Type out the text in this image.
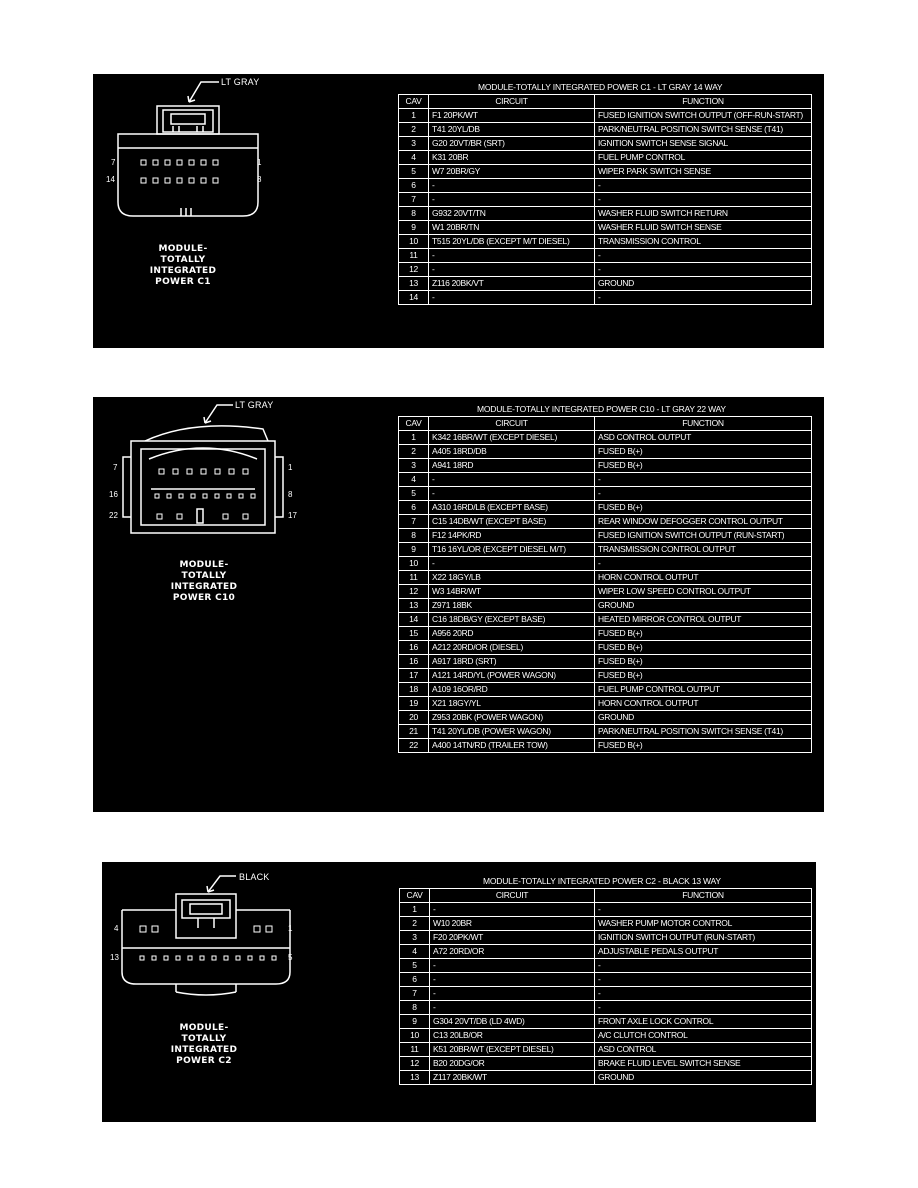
LT GRAY
7	1
14	8
MODULE-
TOTALLY
INTEGRATED
POWER C1
MODULE-TOTALLY INTEGRATED POWER C1 - LT GRAY 14 WAY
CAV	CIRCUIT	FUNCTION
1	F1 20PK/WT	FUSED IGNITION SWITCH OUTPUT (OFF-RUN-START)
2	T41 20YL/DB	PARK/NEUTRAL POSITION SWITCH SENSE (T41)
3	G20 20VT/BR (SRT)	IGNITION SWITCH SENSE SIGNAL
4	K31 20BR	FUEL PUMP CONTROL
5	W7 20BR/GY	WIPER PARK SWITCH SENSE
6	-	-
7	-	-
8	G932 20VT/TN	WASHER FLUID SWITCH RETURN
9	W1 20BR/TN	WASHER FLUID SWITCH SENSE
10	T515 20YL/DB (EXCEPT M/T DIESEL)	TRANSMISSION CONTROL
11	-	-
12	-	-
13	Z116 20BK/VT	GROUND
14	-	-
LT GRAY
7	1
16	8
22	17
MODULE-
TOTALLY
INTEGRATED
POWER C10
MODULE-TOTALLY INTEGRATED POWER C10 - LT GRAY 22 WAY
CAV	CIRCUIT	FUNCTION
1	K342 16BR/WT (EXCEPT DIESEL)	ASD CONTROL OUTPUT
2	A405 18RD/DB	FUSED B(+)
3	A941 18RD	FUSED B(+)
4	-	-
5	-	-
6	A310 16RD/LB (EXCEPT BASE)	FUSED B(+)
7	C15 14DB/WT (EXCEPT BASE)	REAR WINDOW DEFOGGER CONTROL OUTPUT
8	F12 14PK/RD	FUSED IGNITION SWITCH OUTPUT (RUN-START)
9	T16 16YL/OR (EXCEPT DIESEL M/T)	TRANSMISSION CONTROL OUTPUT
10	-	-
11	X22 18GY/LB	HORN CONTROL OUTPUT
12	W3 14BR/WT	WIPER LOW SPEED CONTROL OUTPUT
13	Z971 18BK	GROUND
14	C16 18DB/GY (EXCEPT BASE)	HEATED MIRROR CONTROL OUTPUT
15	A956 20RD	FUSED B(+)
16	A212 20RD/OR (DIESEL)	FUSED B(+)
16	A917 18RD (SRT)	FUSED B(+)
17	A121 14RD/YL (POWER WAGON)	FUSED B(+)
18	A109 16OR/RD	FUEL PUMP CONTROL OUTPUT
19	X21 18GY/YL	HORN CONTROL OUTPUT
20	Z953 20BK (POWER WAGON)	GROUND
21	T41 20YL/DB (POWER WAGON)	PARK/NEUTRAL POSITION SWITCH SENSE (T41)
22	A400 14TN/RD (TRAILER TOW)	FUSED B(+)
BLACK
4	1
13	5
MODULE-
TOTALLY
INTEGRATED
POWER C2
MODULE-TOTALLY INTEGRATED POWER C2 - BLACK 13 WAY
CAV	CIRCUIT	FUNCTION
1	-	-
2	W10 20BR	WASHER PUMP MOTOR CONTROL
3	F20 20PK/WT	IGNITION SWITCH OUTPUT (RUN-START)
4	A72 20RD/OR	ADJUSTABLE PEDALS OUTPUT
5	-	-
6	-	-
7	-	-
8	-	-
9	G304 20VT/DB (LD 4WD)	FRONT AXLE LOCK CONTROL
10	C13 20LB/OR	A/C CLUTCH CONTROL
11	K51 20BR/WT (EXCEPT DIESEL)	ASD CONTROL
12	B20 20DG/OR	BRAKE FLUID LEVEL SWITCH SENSE
13	Z117 20BK/WT	GROUND
